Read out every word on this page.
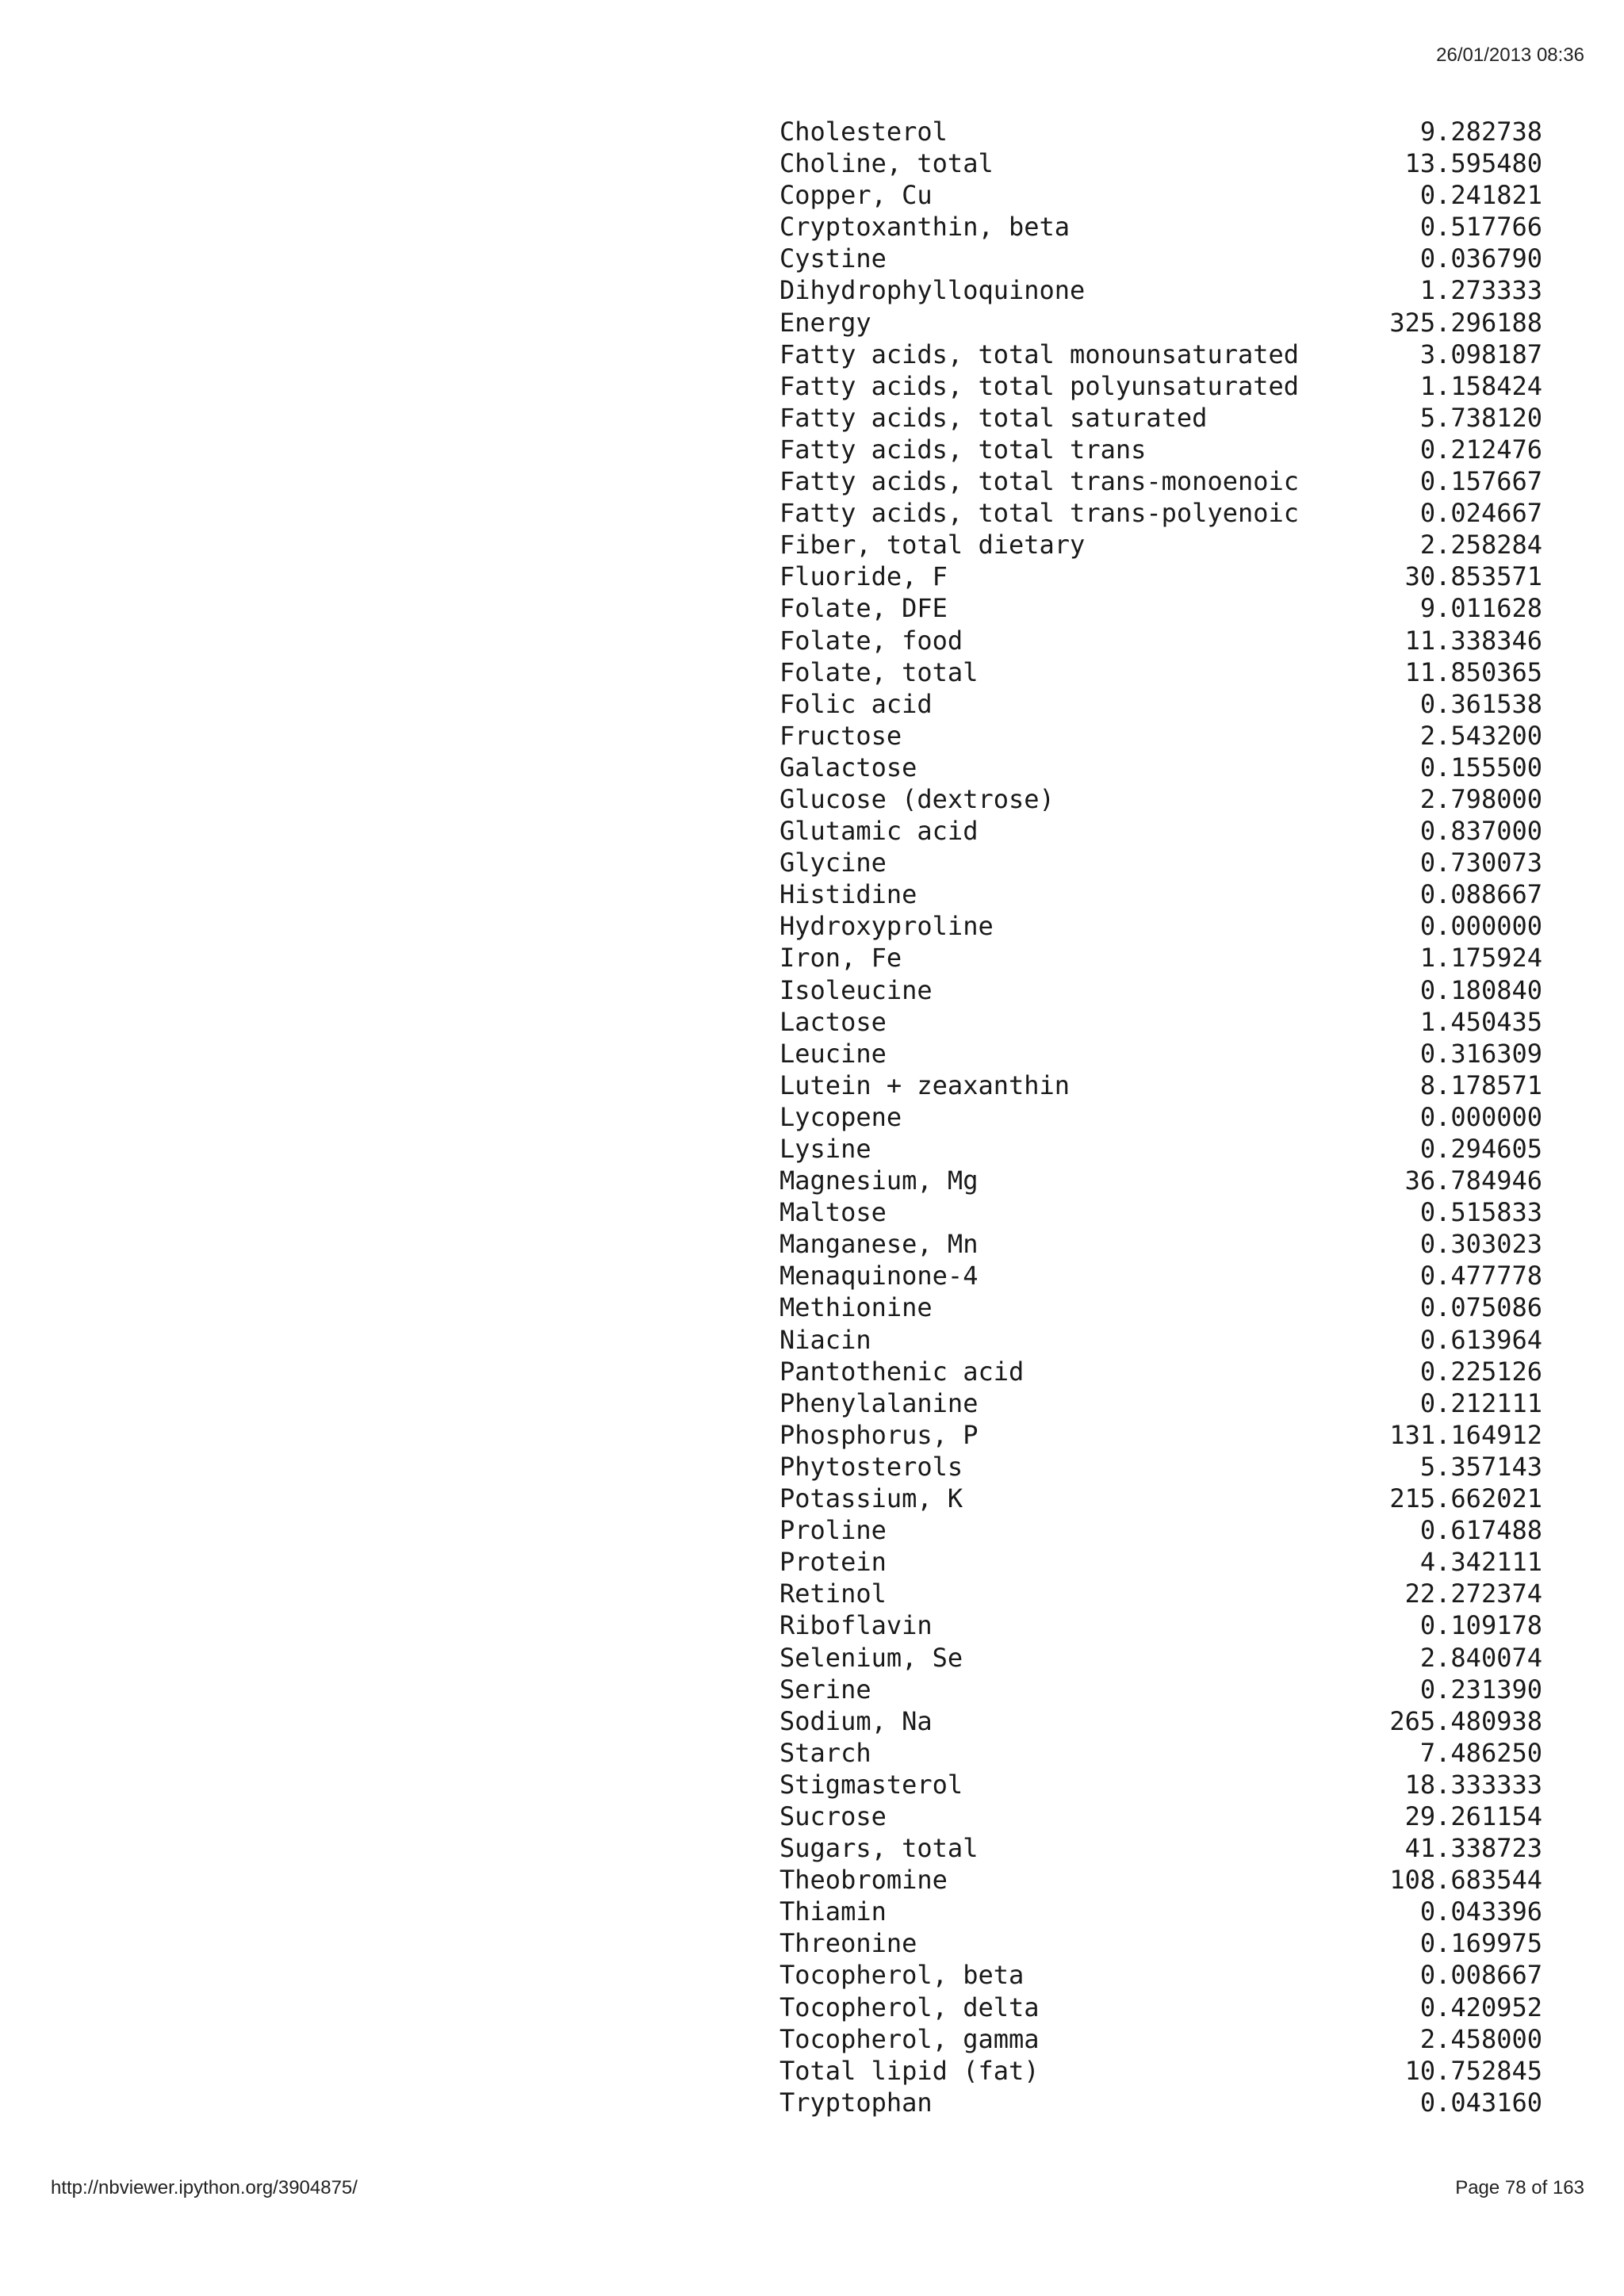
26/01/2013 08:36

Cholesterol	9.282738
Choline, total	13.595480
Copper, Cu	0.241821
Cryptoxanthin, beta	0.517766
Cystine	0.036790
Dihydrophylloquinone	1.273333
Energy	325.296188
Fatty acids, total monounsaturated	3.098187
Fatty acids, total polyunsaturated	1.158424
Fatty acids, total saturated	5.738120
Fatty acids, total trans	0.212476
Fatty acids, total trans-monoenoic	0.157667
Fatty acids, total trans-polyenoic	0.024667
Fiber, total dietary	2.258284
Fluoride, F	30.853571
Folate, DFE	9.011628
Folate, food	11.338346
Folate, total	11.850365
Folic acid	0.361538
Fructose	2.543200
Galactose	0.155500
Glucose (dextrose)	2.798000
Glutamic acid	0.837000
Glycine	0.730073
Histidine	0.088667
Hydroxyproline	0.000000
Iron, Fe	1.175924
Isoleucine	0.180840
Lactose	1.450435
Leucine	0.316309
Lutein + zeaxanthin	8.178571
Lycopene	0.000000
Lysine	0.294605
Magnesium, Mg	36.784946
Maltose	0.515833
Manganese, Mn	0.303023
Menaquinone-4	0.477778
Methionine	0.075086
Niacin	0.613964
Pantothenic acid	0.225126
Phenylalanine	0.212111
Phosphorus, P	131.164912
Phytosterols	5.357143
Potassium, K	215.662021
Proline	0.617488
Protein	4.342111
Retinol	22.272374
Riboflavin	0.109178
Selenium, Se	2.840074
Serine	0.231390
Sodium, Na	265.480938
Starch	7.486250
Stigmasterol	18.333333
Sucrose	29.261154
Sugars, total	41.338723
Theobromine	108.683544
Thiamin	0.043396
Threonine	0.169975
Tocopherol, beta	0.008667
Tocopherol, delta	0.420952
Tocopherol, gamma	2.458000
Total lipid (fat)	10.752845
Tryptophan	0.043160
http://nbviewer.ipython.org/3904875/	Page 78 of 163
